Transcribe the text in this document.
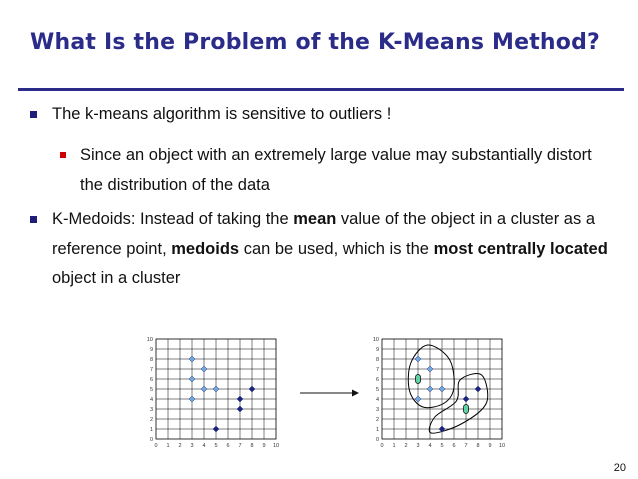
What Is the Problem of the K-Means Method?
The k-means algorithm is sensitive to outliers !
Since an object with an extremely large value may substantially distort the distribution of the data
K-Medoids: Instead of taking the mean value of the object in a cluster as a reference point, medoids can be used, which is the most centrally located object in a cluster
0 1 2 3 4 5 6 7 8 9 10
0
1
2
3
4
5
6
7
8
9
10
0 1 2 3 4 5 6 7 8 9 10
0
1
2
3
4
5
6
7
8
9
10
20
